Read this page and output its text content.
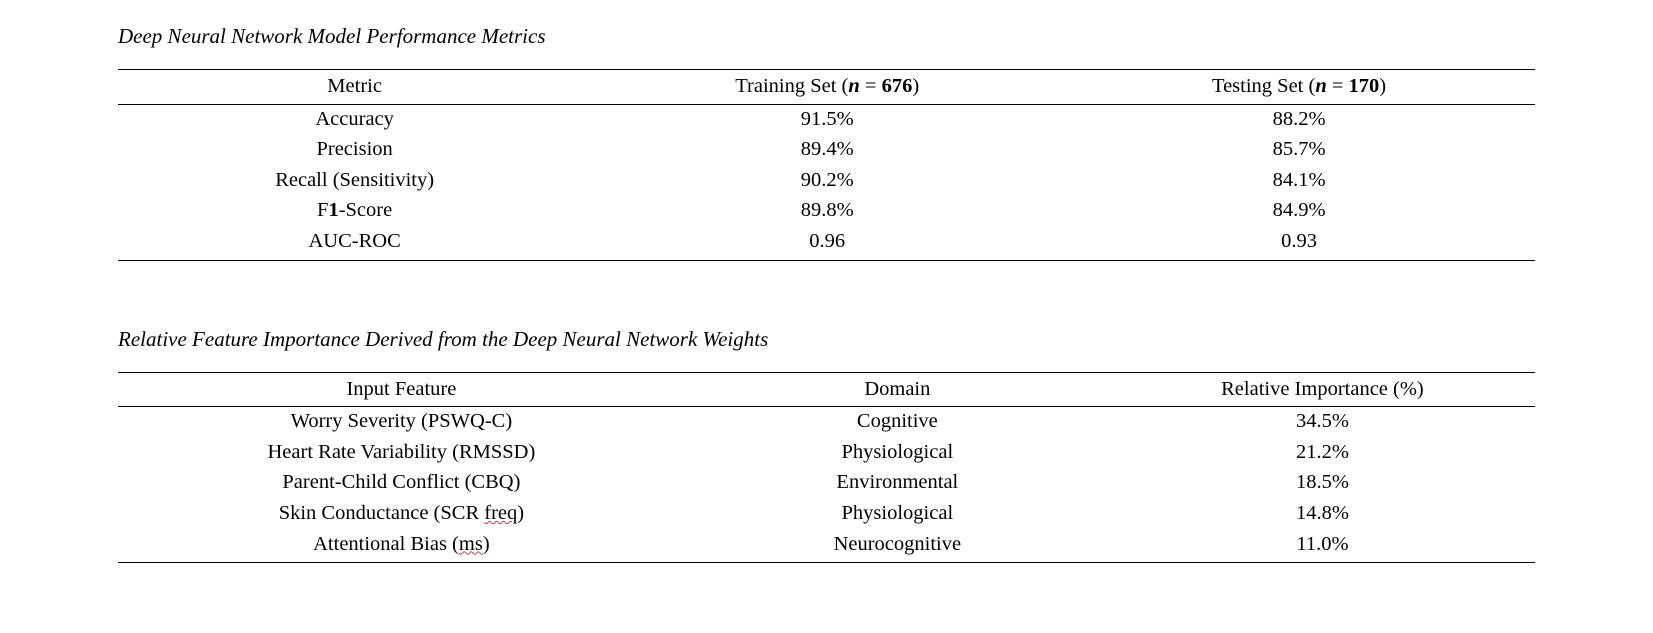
Deep Neural Network Model Performance Metrics
Metric	Training Set (n = 676)	Testing Set (n = 170)
Accuracy	91.5%	88.2%
Precision	89.4%	85.7%
Recall (Sensitivity)	90.2%	84.1%
F1-Score	89.8%	84.9%
AUC-ROC	0.96	0.93
Relative Feature Importance Derived from the Deep Neural Network Weights
Input Feature	Domain	Relative Importance (%)
Worry Severity (PSWQ-C)	Cognitive	34.5%
Heart Rate Variability (RMSSD)	Physiological	21.2%
Parent-Child Conflict (CBQ)	Environmental	18.5%
Skin Conductance (SCR freq)	Physiological	14.8%
Attentional Bias (ms)	Neurocognitive	11.0%
